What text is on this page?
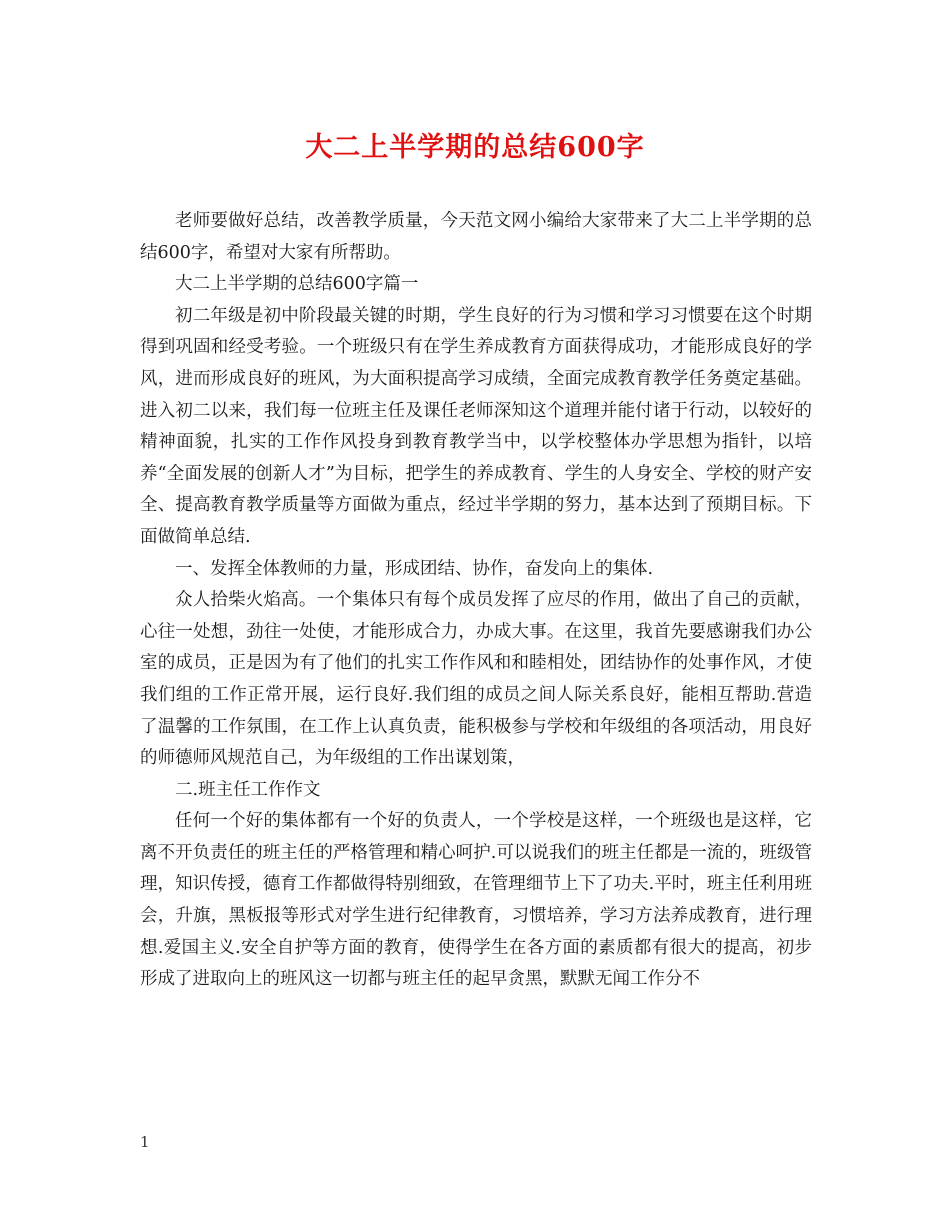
大二上半学期的总结600字

老师要做好总结，改善教学质量，今天范文网小编给大家带来了大二上半学期的总结600字，希望对大家有所帮助。

大二上半学期的总结600字篇一

初二年级是初中阶段最关键的时期，学生良好的行为习惯和学习习惯要在这个时期得到巩固和经受考验。一个班级只有在学生养成教育方面获得成功，才能形成良好的学风，进而形成良好的班风，为大面积提高学习成绩，全面完成教育教学任务奠定基础。进入初二以来，我们每一位班主任及课任老师深知这个道理并能付诸于行动，以较好的精神面貌，扎实的工作作风投身到教育教学当中，以学校整体办学思想为指针，以培养“全面发展的创新人才”为目标，把学生的养成教育、学生的人身安全、学校的财产安全、提高教育教学质量等方面做为重点，经过半学期的努力，基本达到了预期目标。下面做简单总结.

一、发挥全体教师的力量，形成团结、协作，奋发向上的集体.

众人拾柴火焰高。一个集体只有每个成员发挥了应尽的作用，做出了自己的贡献，心往一处想，劲往一处使，才能形成合力，办成大事。在这里，我首先要感谢我们办公室的成员，正是因为有了他们的扎实工作作风和和睦相处，团结协作的处事作风，才使我们组的工作正常开展，运行良好.我们组的成员之间人际关系良好，能相互帮助.营造了温馨的工作氛围，在工作上认真负责，能积极参与学校和年级组的各项活动，用良好的师德师风规范自己，为年级组的工作出谋划策，

二.班主任工作作文

任何一个好的集体都有一个好的负责人，一个学校是这样，一个班级也是这样，它离不开负责任的班主任的严格管理和精心呵护.可以说我们的班主任都是一流的，班级管理，知识传授，德育工作都做得特别细致，在管理细节上下了功夫.平时，班主任利用班会，升旗，黑板报等形式对学生进行纪律教育，习惯培养，学习方法养成教育，进行理想.爱国主义.安全自护等方面的教育，使得学生在各方面的素质都有很大的提高，初步形成了进取向上的班风这一切都与班主任的起早贪黑，默默无闻工作分不

1
